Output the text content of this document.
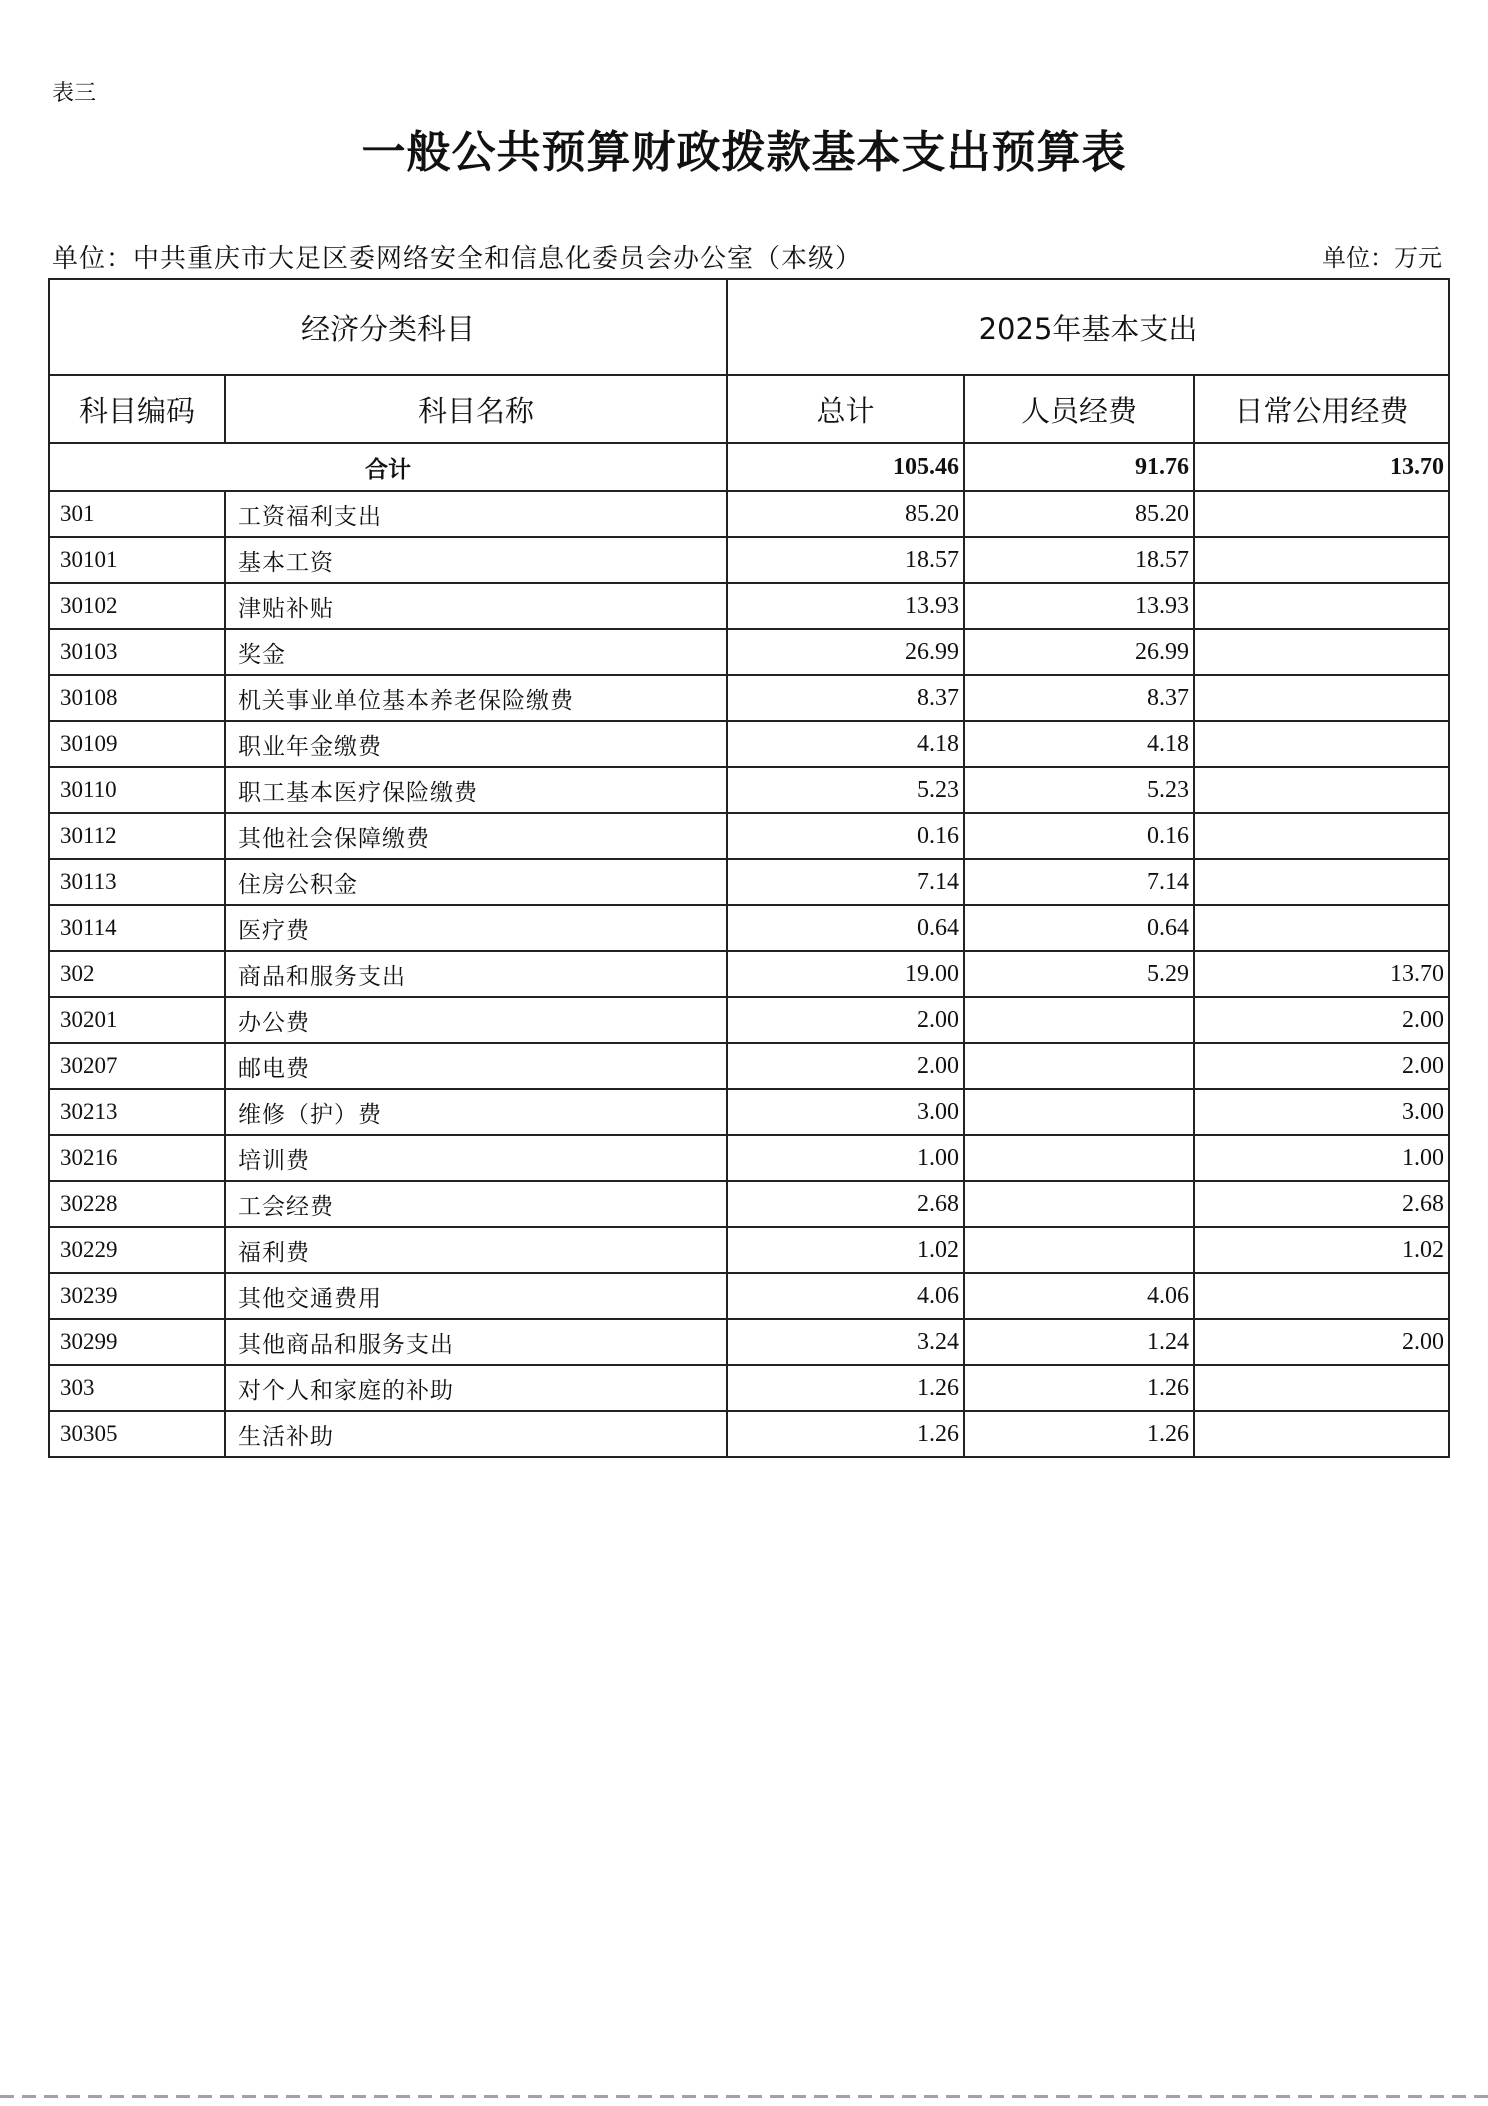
表三
一般公共预算财政拨款基本支出预算表
单位：中共重庆市大足区委网络安全和信息化委员会办公室（本级）	单位：万元
经济分类科目		2025年基本支出		
科目编码	科目名称	总计	人员经费	日常公用经费
合计		105.46	91.76	13.70
301	工资福利支出	85.20	85.20	
30101	基本工资	18.57	18.57	
30102	津贴补贴	13.93	13.93	
30103	奖金	26.99	26.99	
30108	机关事业单位基本养老保险缴费	8.37	8.37	
30109	职业年金缴费	4.18	4.18	
30110	职工基本医疗保险缴费	5.23	5.23	
30112	其他社会保障缴费	0.16	0.16	
30113	住房公积金	7.14	7.14	
30114	医疗费	0.64	0.64	
302	商品和服务支出	19.00	5.29	13.70
30201	办公费	2.00		2.00
30207	邮电费	2.00		2.00
30213	维修（护）费	3.00		3.00
30216	培训费	1.00		1.00
30228	工会经费	2.68		2.68
30229	福利费	1.02		1.02
30239	其他交通费用	4.06	4.06	
30299	其他商品和服务支出	3.24	1.24	2.00
303	对个人和家庭的补助	1.26	1.26	
30305	生活补助	1.26	1.26	
